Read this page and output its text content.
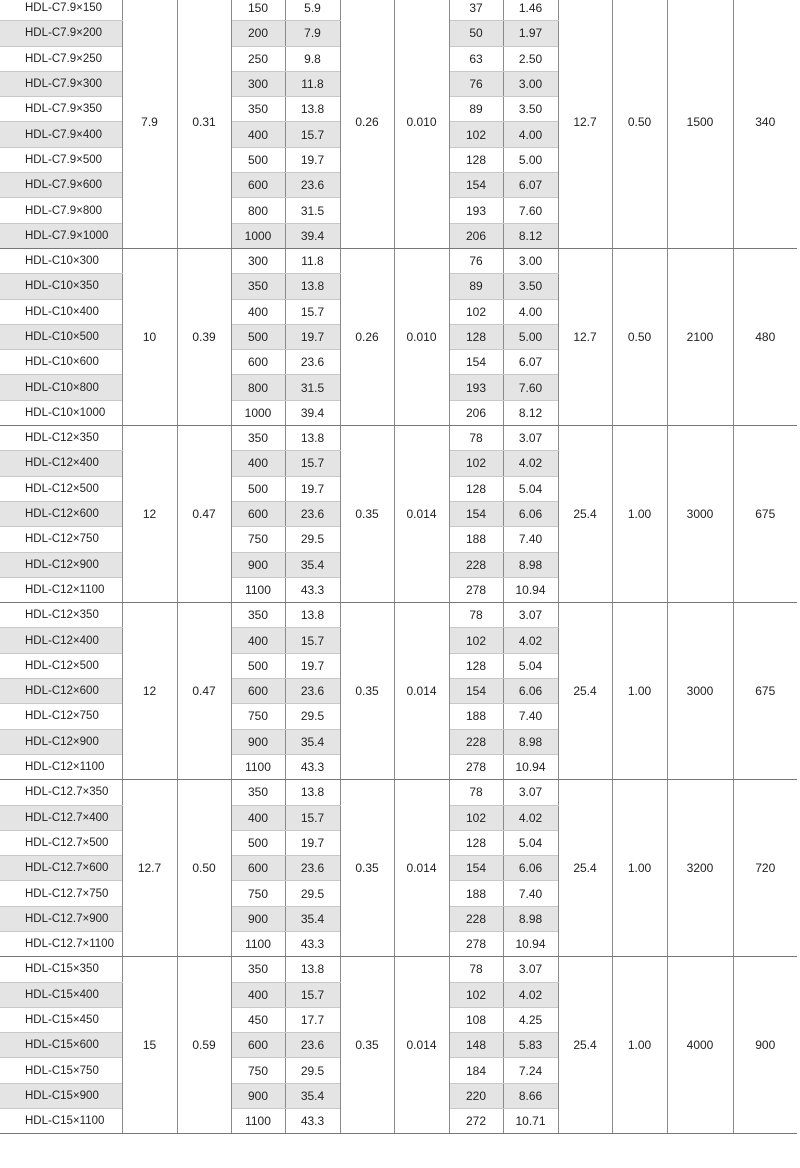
HDL-C7.9×150	7.9	0.31	150	5.9	0.26	0.010	37	1.46	12.7	0.50	1500	340
HDL-C7.9×200			200	7.9			50	1.97				
HDL-C7.9×250			250	9.8			63	2.50				
HDL-C7.9×300			300	11.8			76	3.00				
HDL-C7.9×350			350	13.8			89	3.50				
HDL-C7.9×400			400	15.7			102	4.00				
HDL-C7.9×500			500	19.7			128	5.00				
HDL-C7.9×600			600	23.6			154	6.07				
HDL-C7.9×800			800	31.5			193	7.60				
HDL-C7.9×1000			1000	39.4			206	8.12				
HDL-C10×300	10	0.39	300	11.8	0.26	0.010	76	3.00	12.7	0.50	2100	480
HDL-C10×350			350	13.8			89	3.50				
HDL-C10×400			400	15.7			102	4.00				
HDL-C10×500			500	19.7			128	5.00				
HDL-C10×600			600	23.6			154	6.07				
HDL-C10×800			800	31.5			193	7.60				
HDL-C10×1000			1000	39.4			206	8.12				
HDL-C12×350	12	0.47	350	13.8	0.35	0.014	78	3.07	25.4	1.00	3000	675
HDL-C12×400			400	15.7			102	4.02				
HDL-C12×500			500	19.7			128	5.04				
HDL-C12×600			600	23.6			154	6.06				
HDL-C12×750			750	29.5			188	7.40				
HDL-C12×900			900	35.4			228	8.98				
HDL-C12×1100			1100	43.3			278	10.94				
HDL-C12×350	12	0.47	350	13.8	0.35	0.014	78	3.07	25.4	1.00	3000	675
HDL-C12×400			400	15.7			102	4.02				
HDL-C12×500			500	19.7			128	5.04				
HDL-C12×600			600	23.6			154	6.06				
HDL-C12×750			750	29.5			188	7.40				
HDL-C12×900			900	35.4			228	8.98				
HDL-C12×1100			1100	43.3			278	10.94				
HDL-C12.7×350	12.7	0.50	350	13.8	0.35	0.014	78	3.07	25.4	1.00	3200	720
HDL-C12.7×400			400	15.7			102	4.02				
HDL-C12.7×500			500	19.7			128	5.04				
HDL-C12.7×600			600	23.6			154	6.06				
HDL-C12.7×750			750	29.5			188	7.40				
HDL-C12.7×900			900	35.4			228	8.98				
HDL-C12.7×1100			1100	43.3			278	10.94				
HDL-C15×350	15	0.59	350	13.8	0.35	0.014	78	3.07	25.4	1.00	4000	900
HDL-C15×400			400	15.7			102	4.02				
HDL-C15×450			450	17.7			108	4.25				
HDL-C15×600			600	23.6			148	5.83				
HDL-C15×750			750	29.5			184	7.24				
HDL-C15×900			900	35.4			220	8.66				
HDL-C15×1100			1100	43.3			272	10.71				
